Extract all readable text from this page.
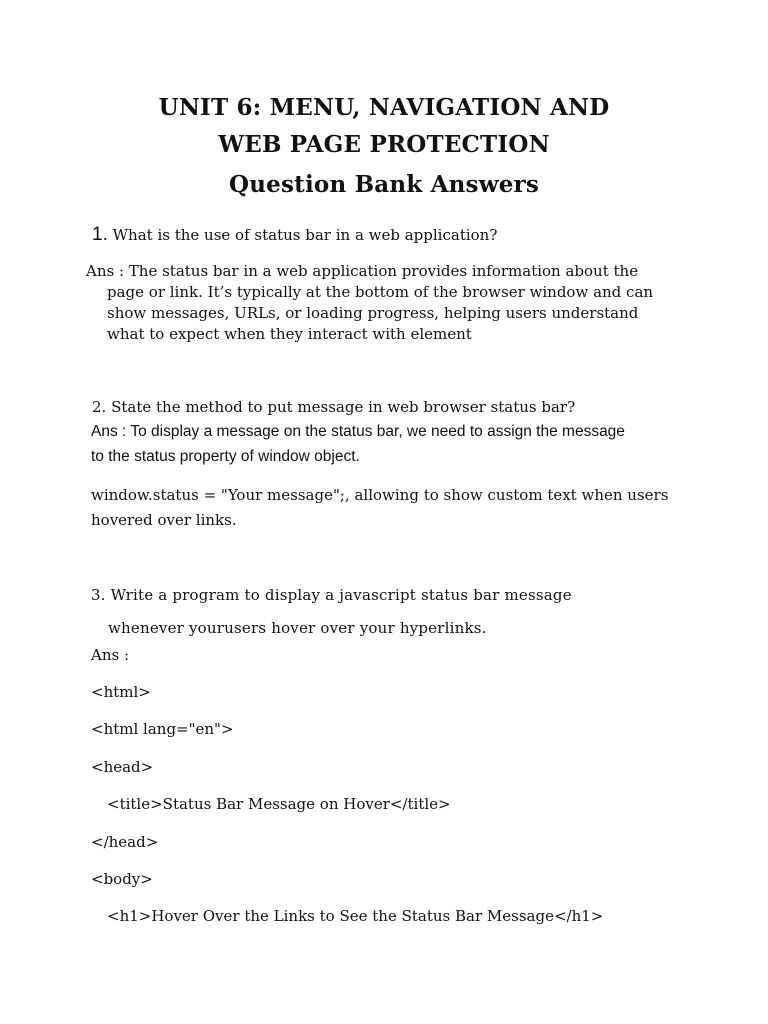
UNIT 6: MENU, NAVIGATION AND
WEB PAGE PROTECTION
Question Bank Answers
1. What is the use of status bar in a web application?
Ans : The status bar in a web application provides information about the
page or link. It’s typically at the bottom of the browser window and can
show messages, URLs, or loading progress, helping users understand
what to expect when they interact with element
2. State the method to put message in web browser status bar?
Ans : To display a message on the status bar, we need to assign the message
to the status property of window object.
window.status = "Your message";, allowing to show custom text when users
hovered over links.
3. Write a program to display a javascript status bar message
whenever yourusers hover over your hyperlinks.
Ans :
<html>
<html lang="en">
<head>
<title>Status Bar Message on Hover</title>
</head>
<body>
<h1>Hover Over the Links to See the Status Bar Message</h1>
